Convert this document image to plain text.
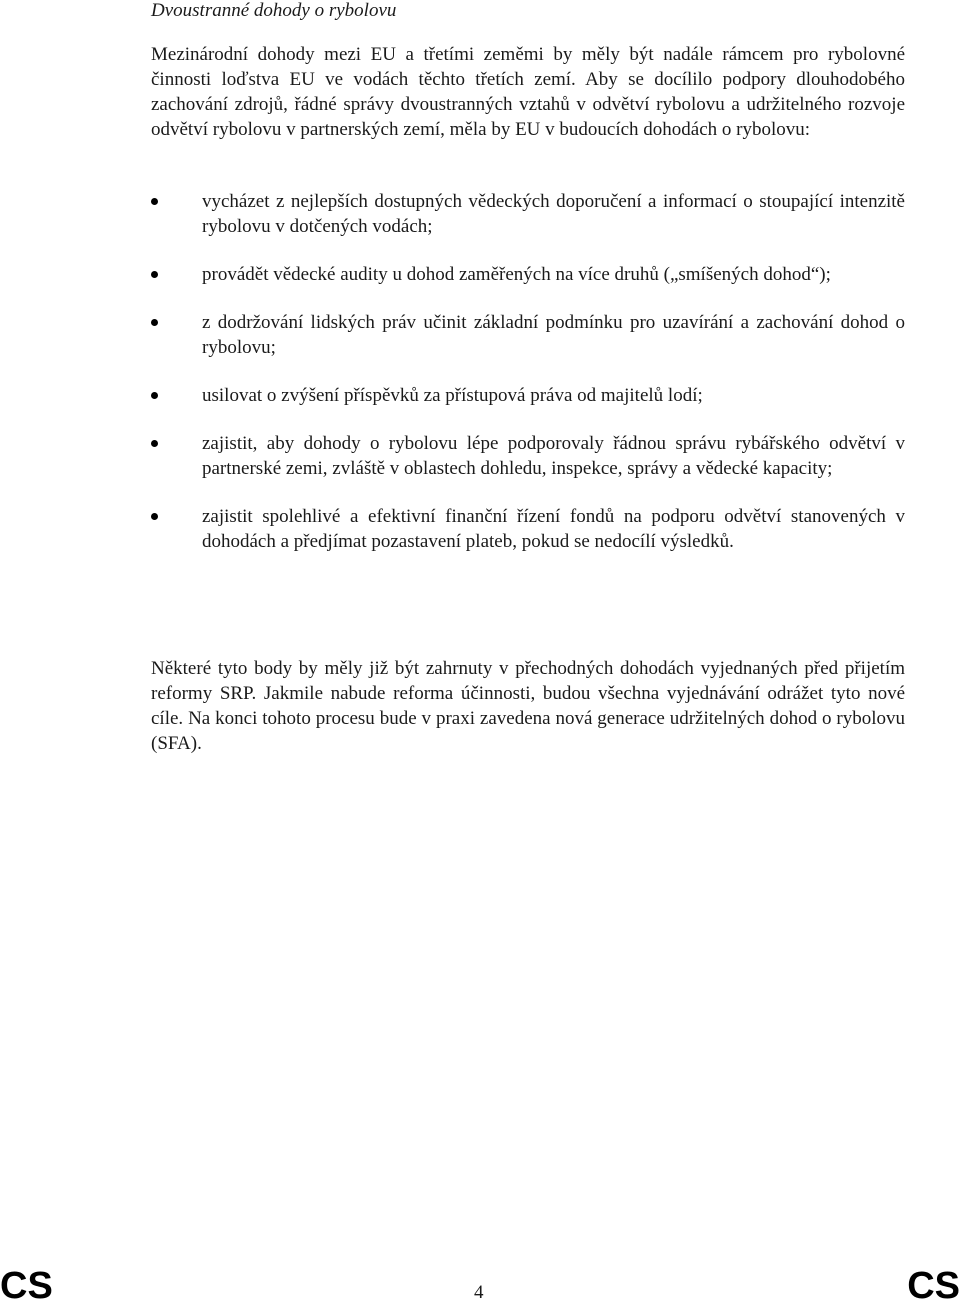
Dvoustranné dohody o rybolovu

Mezinárodní dohody mezi EU a třetími zeměmi by měly být nadále rámcem pro rybolovné činnosti loďstva EU ve vodách těchto třetích zemí. Aby se docílilo podpory dlouhodobého zachování zdrojů, řádné správy dvoustranných vztahů v odvětví rybolovu a udržitelného rozvoje odvětví rybolovu v partnerských zemí, měla by EU v budoucích dohodách o rybolovu:

vycházet z nejlepších dostupných vědeckých doporučení a informací o stoupající intenzitě rybolovu v dotčených vodách;
provádět vědecké audity u dohod zaměřených na více druhů („smíšených dohod“);
z dodržování lidských práv učinit základní podmínku pro uzavírání a zachování dohod o rybolovu;
usilovat o zvýšení příspěvků za přístupová práva od majitelů lodí;
zajistit, aby dohody o rybolovu lépe podporovaly řádnou správu rybářského odvětví v partnerské zemi, zvláště v oblastech dohledu, inspekce, správy a vědecké kapacity;
zajistit spolehlivé a efektivní finanční řízení fondů na podporu odvětví stanovených v dohodách a předjímat pozastavení plateb, pokud se nedocílí výsledků.

Některé tyto body by měly již být zahrnuty v přechodných dohodách vyjednaných před přijetím reformy SRP. Jakmile nabude reforma účinnosti, budou všechna vyjednávání odrážet tyto nové cíle. Na konci tohoto procesu bude v praxi zavedena nová generace udržitelných dohod o rybolovu (SFA).

CS	4	CS
